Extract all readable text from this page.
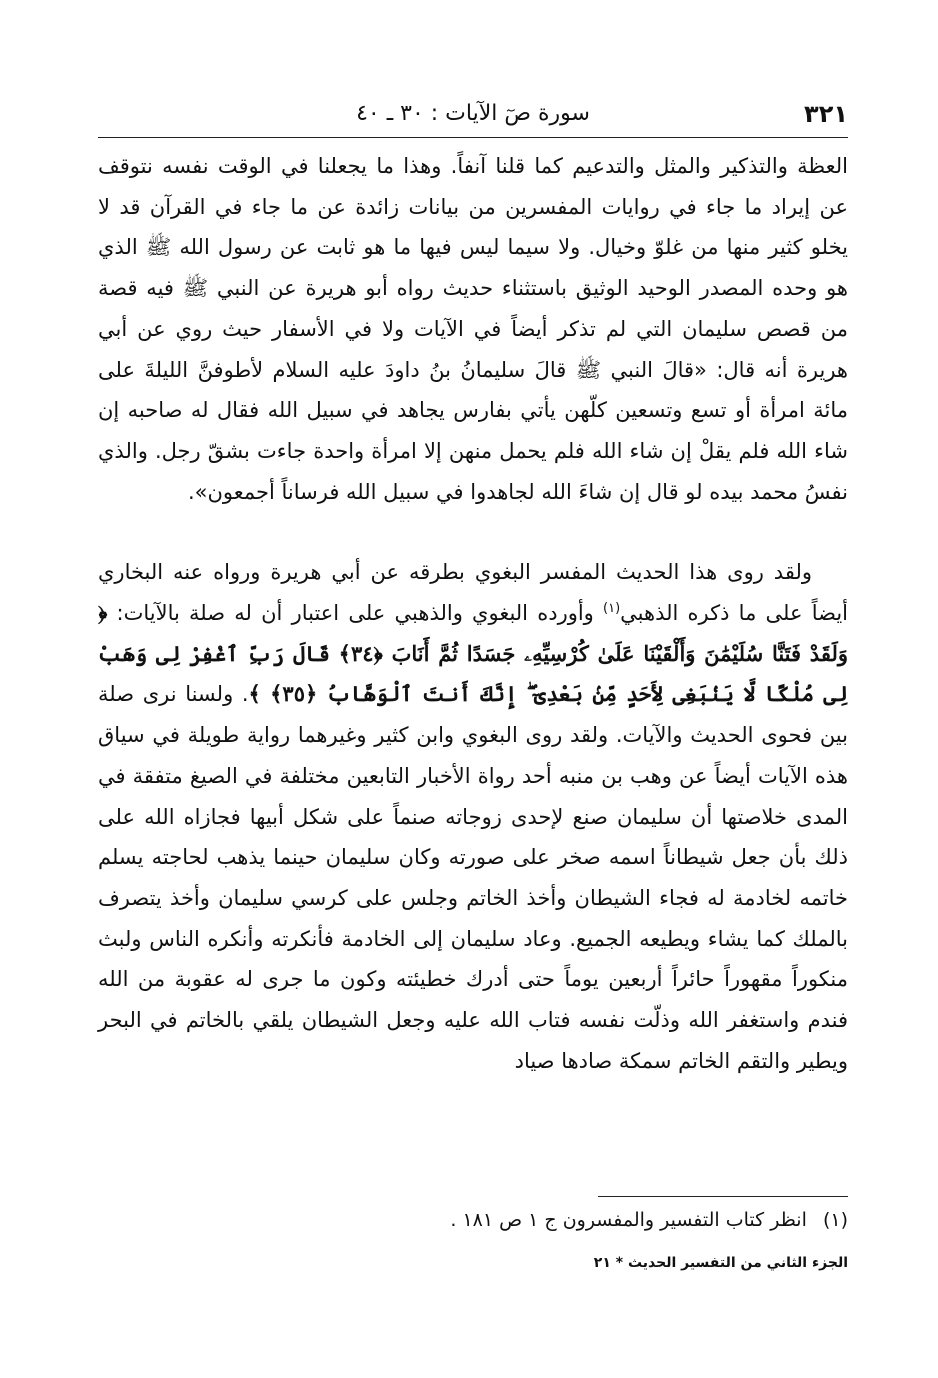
٣٢١
سورة صٓ الآيات : ٣٠ ـ ٤٠

العظة والتذكير والمثل والتدعيم كما قلنا آنفاً. وهذا ما يجعلنا في الوقت نفسه نتوقف عن إيراد ما جاء في روايات المفسرين من بيانات زائدة عن ما جاء في القرآن قد لا يخلو كثير منها من غلوّ وخيال. ولا سيما ليس فيها ما هو ثابت عن رسول الله ﷺ الذي هو وحده المصدر الوحيد الوثيق باستثناء حديث رواه أبو هريرة عن النبي ﷺ فيه قصة من قصص سليمان التي لم تذكر أيضاً في الآيات ولا في الأسفار حيث روي عن أبي هريرة أنه قال: «قالَ النبي ﷺ قالَ سليمانُ بنُ داودَ عليه السلام لأطوفنَّ الليلةَ على مائة امرأة أو تسع وتسعين كلّهن يأتي بفارس يجاهد في سبيل الله فقال له صاحبه إن شاء الله فلم يقلْ إن شاء الله فلم يحمل منهن إلا امرأة واحدة جاءت بشقّ رجل. والذي نفسُ محمد بيده لو قال إن شاءَ الله لجاهدوا في سبيل الله فرساناً أجمعون».

ولقد روى هذا الحديث المفسر البغوي بطرقه عن أبي هريرة ورواه عنه البخاري أيضاً على ما ذكره الذهبي$^{(١)}$ وأورده البغوي والذهبي على اعتبار أن له صلة بالآيات: ﴿ وَلَقَدْ فَتَنَّا سُلَيْمَٰنَ وَأَلْقَيْنَا عَلَىٰ كُرْسِيِّهِۦ جَسَدًا ثُمَّ أَنَابَ ﴿٣٤﴾ قَالَ رَبِّ ٱغْفِرْ لِى وَهَبْ لِى مُلْكًا لَّا يَنۢبَغِى لِأَحَدٍ مِّنۢ بَعْدِىٓ ۖ إِنَّكَ أَنتَ ٱلْوَهَّابُ ﴿٣٥﴾ ﴾. ولسنا نرى صلة بين فحوى الحديث والآيات. ولقد روى البغوي وابن كثير وغيرهما رواية طويلة في سياق هذه الآيات أيضاً عن وهب بن منبه أحد رواة الأخبار التابعين مختلفة في الصيغ متفقة في المدى خلاصتها أن سليمان صنع لإحدى زوجاته صنماً على شكل أبيها فجازاه الله على ذلك بأن جعل شيطاناً اسمه صخر على صورته وكان سليمان حينما يذهب لحاجته يسلم خاتمه لخادمة له فجاء الشيطان وأخذ الخاتم وجلس على كرسي سليمان وأخذ يتصرف بالملك كما يشاء ويطيعه الجميع. وعاد سليمان إلى الخادمة فأنكرته وأنكره الناس ولبث منكوراً مقهوراً حائراً أربعين يوماً حتى أدرك خطيئته وكون ما جرى له عقوبة من الله فندم واستغفر الله وذلّت نفسه فتاب الله عليه وجعل الشيطان يلقي بالخاتم في البحر ويطير والتقم الخاتم سمكة صادها صياد

(١) انظر كتاب التفسير والمفسرون ج ١ ص ١٨١ .
الجزء الثاني من التفسير الحديث * ٢١
